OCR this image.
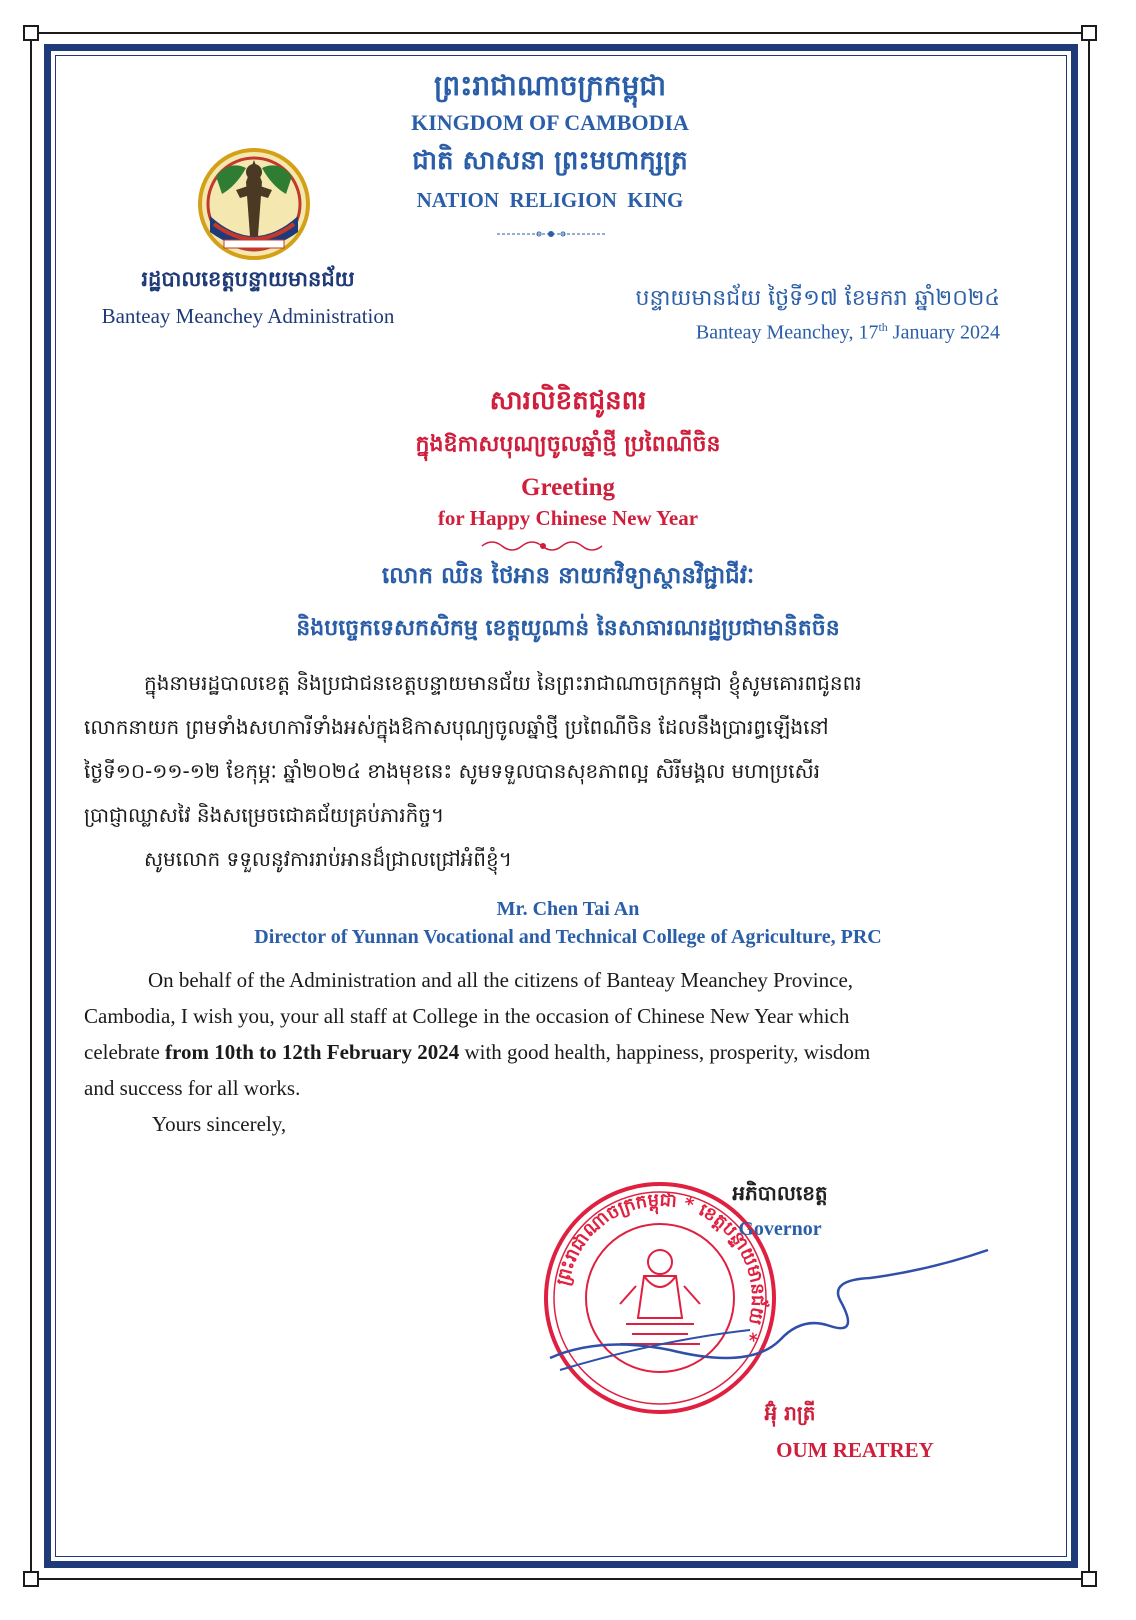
ព្រះរាជាណាចក្រកម្ពុជា
KINGDOM OF CAMBODIA
ជាតិ សាសនា ព្រះមហាក្សត្រ
NATION  RELIGION  KING
រដ្ឋបាលខេត្តបន្ទាយមានជ័យ
Banteay Meanchey Administration
បន្ទាយមានជ័យ ថ្ងៃទី១៧ ខែមករា ឆ្នាំ២០២៤
Banteay Meanchey, 17th January 2024
សារលិខិតជូនពរ
ក្នុងឱកាសបុណ្យចូលឆ្នាំថ្មី ប្រពៃណីចិន
Greeting
for Happy Chinese New Year
លោក ឈិន ថៃអាន នាយកវិទ្យាស្ថានវិជ្ជាជីវៈ
និងបច្ចេកទេសកសិកម្ម ខេត្តយូណាន់ នៃសាធារណរដ្ឋប្រជាមានិតចិន
ក្នុងនាមរដ្ឋបាលខេត្ត និងប្រជាជនខេត្តបន្ទាយមានជ័យ នៃព្រះរាជាណាចក្រកម្ពុជា ខ្ញុំសូមគោរពជូនពរ
លោកនាយក ព្រមទាំងសហការីទាំងអស់ក្នុងឱកាសបុណ្យចូលឆ្នាំថ្មី ប្រពៃណីចិន ដែលនឹងប្រារព្ធឡើងនៅ
ថ្ងៃទី១០-១១-១២ ខែកុម្ភៈ ឆ្នាំ២០២៤ ខាងមុខនេះ សូមទទួលបានសុខភាពល្អ សិរីមង្គល មហាប្រសើរ
ប្រាជ្ញាឈ្លាសវៃ និងសម្រេចជោគជ័យគ្រប់ភារកិច្ច។
សូមលោក ទទួលនូវការរាប់អានដ៏ជ្រាលជ្រៅអំពីខ្ញុំ។
Mr. Chen Tai An
Director of Yunnan Vocational and Technical College of Agriculture, PRC
On behalf of the Administration and all the citizens of Banteay Meanchey Province,
Cambodia, I wish you, your all staff at College in the occasion of Chinese New Year which
celebrate from 10th to 12th February 2024 with good health, happiness, prosperity, wisdom
and success for all works.
Yours sincerely,
ព្រះរាជាណាចក្រកម្ពុជា * ខេត្តបន្ទាយមានជ័យ *
អភិបាលខេត្ត
Governor
អ៊ុំ រាត្រី
OUM REATREY
